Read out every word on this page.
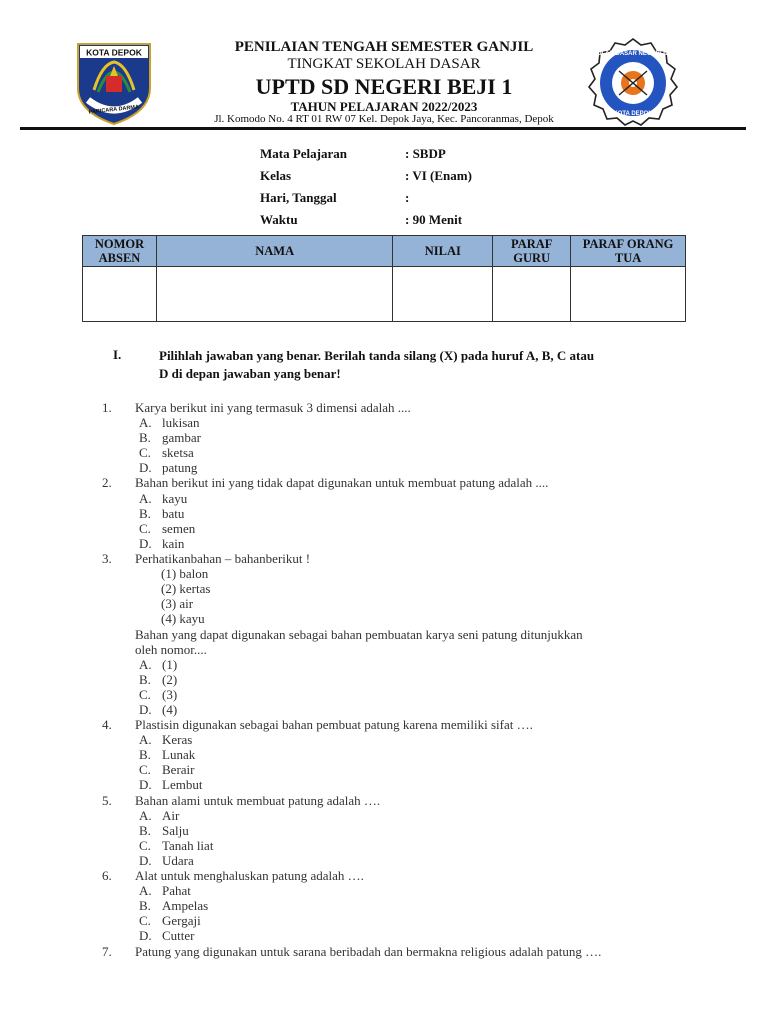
KOTA DEPOK
PARICARA DARMA
SEKOLAH DASAR NEGERI BEJI 1
KOTA DEPOK
PENILAIAN TENGAH SEMESTER GANJIL
TINGKAT SEKOLAH DASAR
UPTD SD NEGERI BEJI 1
TAHUN PELAJARAN 2022/2023
Jl. Komodo No. 4 RT 01 RW 07 Kel. Depok Jaya, Kec. Pancoranmas, Depok
Mata Pelajaran	: SBDP
Kelas	: VI (Enam)
Hari, Tanggal	:
Waktu	: 90 Menit
NOMOR ABSEN	NAMA	NILAI	PARAF GURU	PARAF ORANG TUA

I.	Pilihlah jawaban yang benar. Berilah tanda silang (X) pada huruf A, B, C atau
D di depan jawaban yang benar!
1. Karya berikut ini yang termasuk 3 dimensi adalah ....
A. lukisan
B. gambar
C. sketsa
D. patung
2. Bahan berikut ini yang tidak dapat digunakan untuk membuat patung adalah ....
A. kayu
B. batu
C. semen
D. kain
3. Perhatikanbahan – bahanberikut !
(1) balon
(2) kertas
(3) air
(4) kayu
Bahan yang dapat digunakan sebagai bahan pembuatan karya seni patung ditunjukkan
oleh nomor....
A. (1)
B. (2)
C. (3)
D. (4)
4. Plastisin digunakan sebagai bahan pembuat patung karena memiliki sifat ….
A. Keras
B. Lunak
C. Berair
D. Lembut
5. Bahan alami untuk membuat patung adalah ….
A. Air
B. Salju
C. Tanah liat
D. Udara
6. Alat untuk menghaluskan patung adalah ….
A. Pahat
B. Ampelas
C. Gergaji
D. Cutter
7. Patung yang digunakan untuk sarana beribadah dan bermakna religious adalah patung ….
